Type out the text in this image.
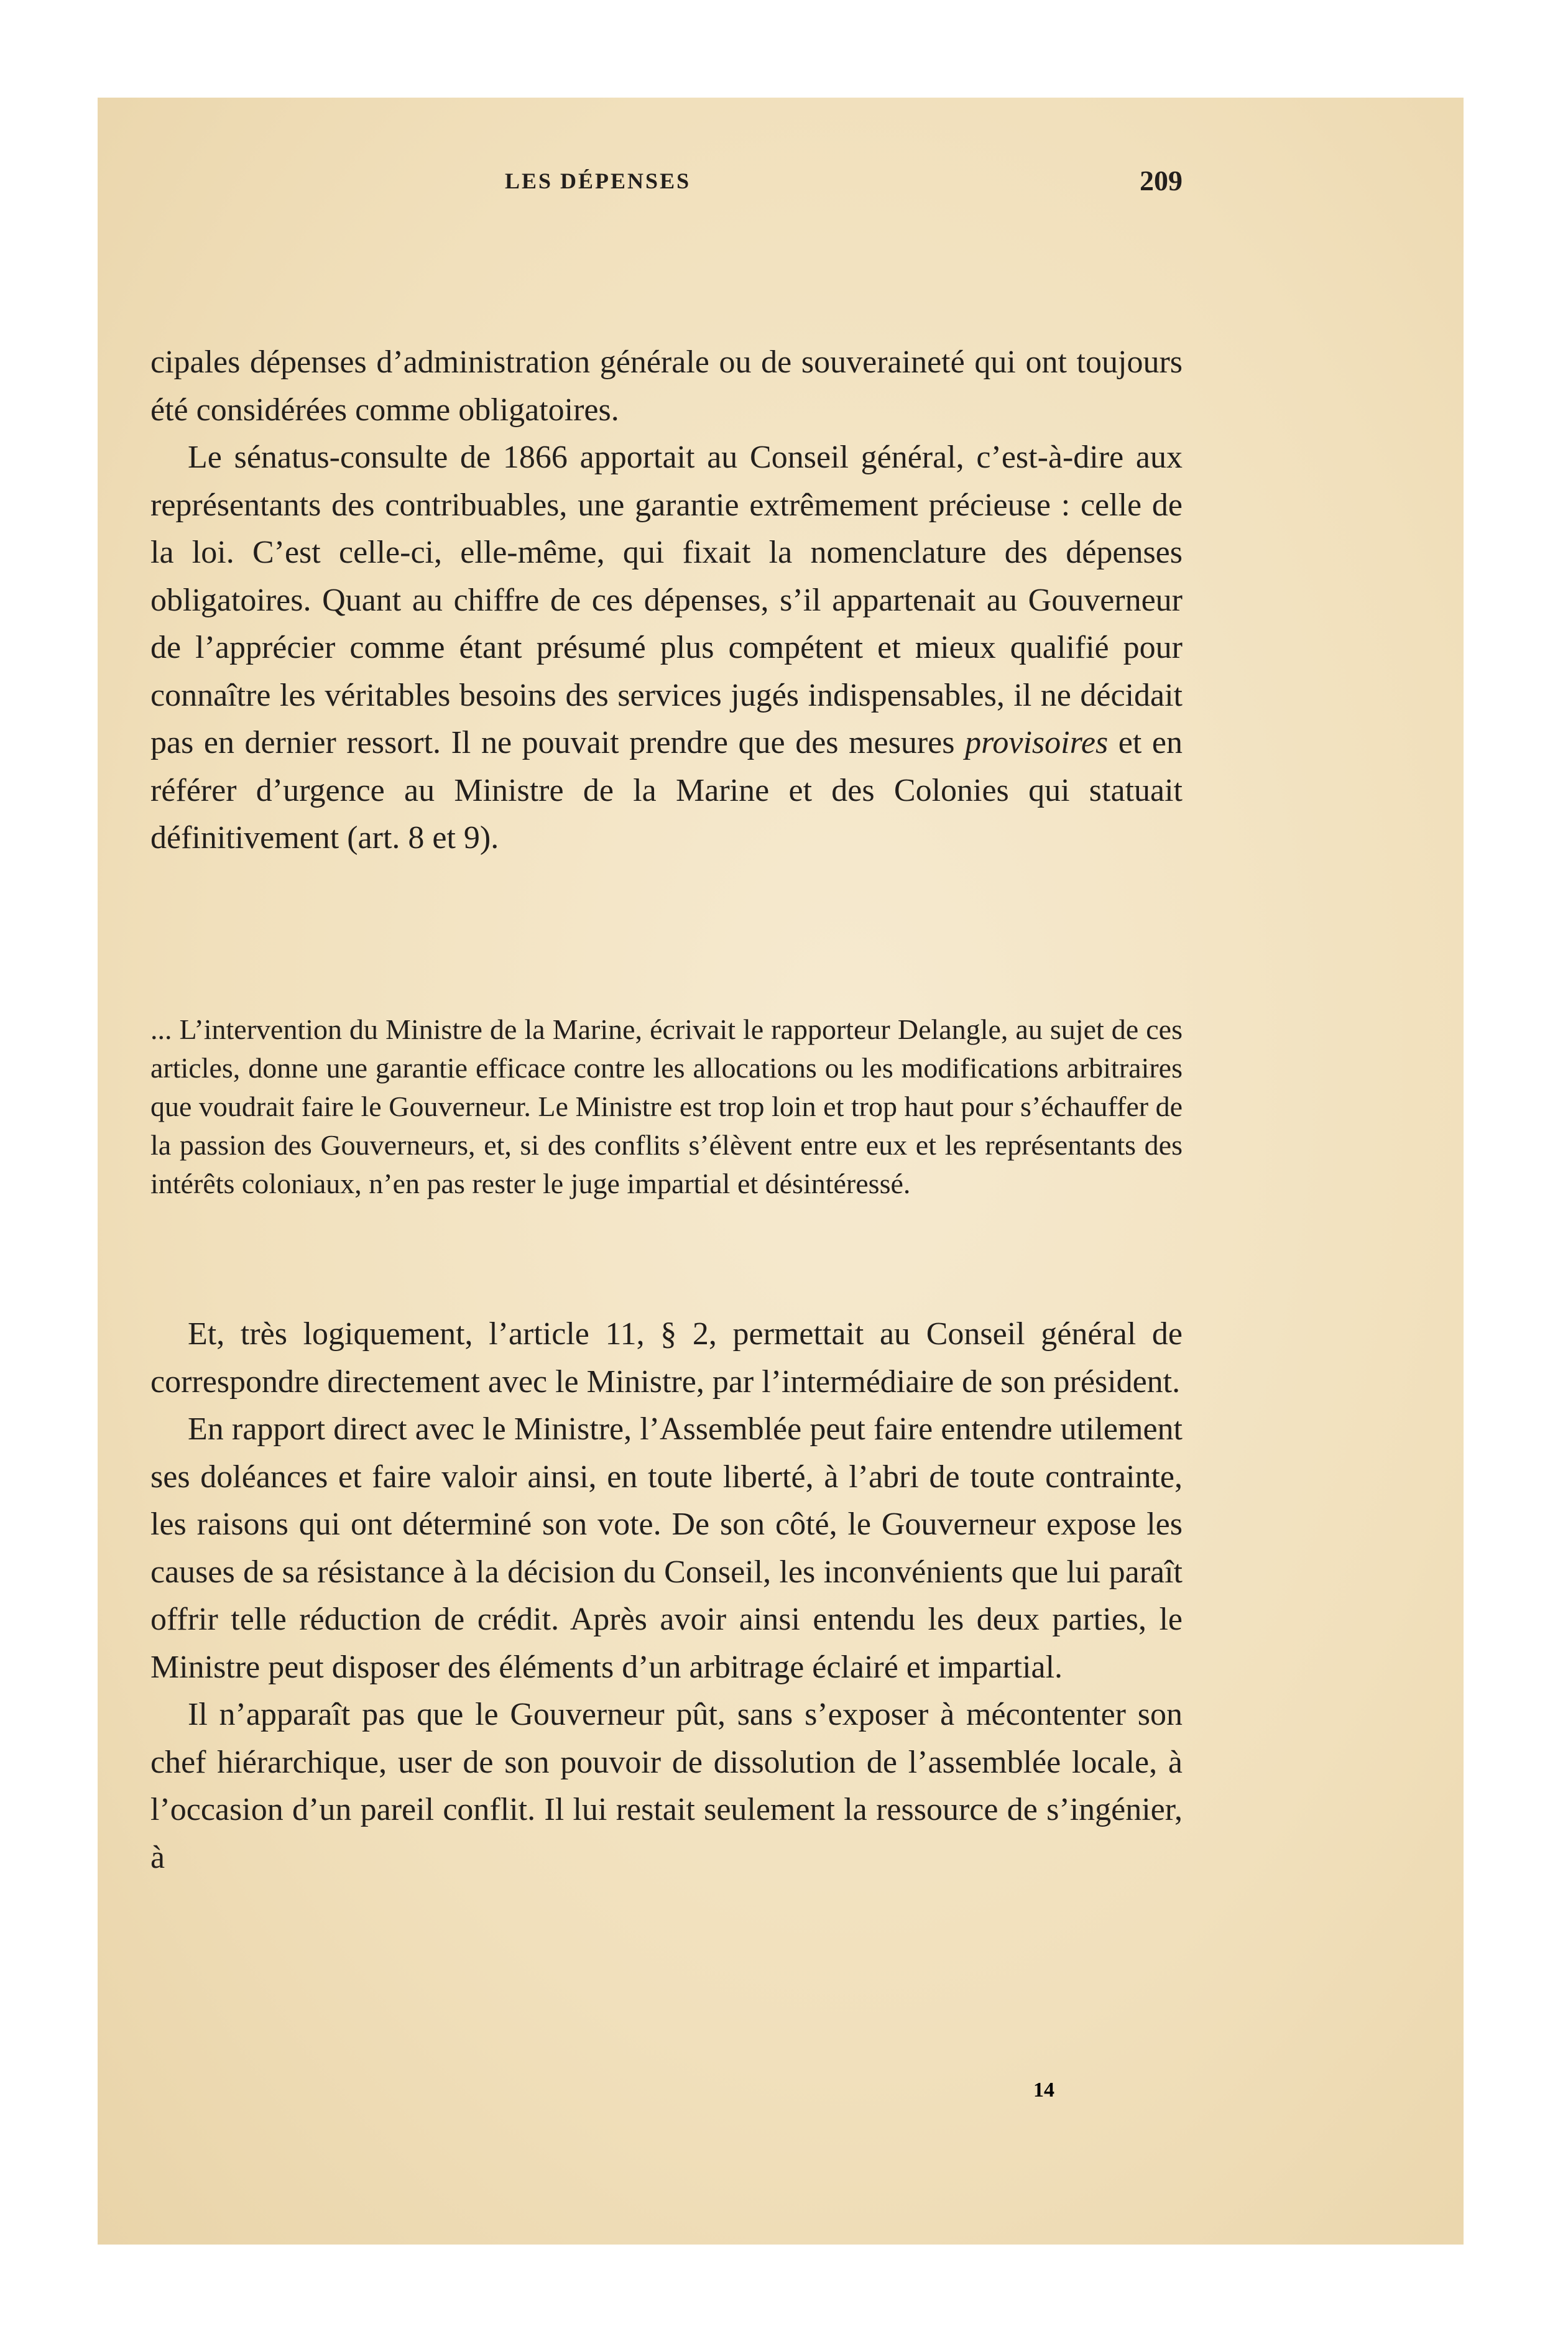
LES DÉPENSES	209

cipales dépenses d’administration générale ou de souveraineté qui ont toujours été considérées comme obligatoires.

Le sénatus-consulte de 1866 apportait au Conseil général, c’est-à-dire aux représentants des contribuables, une garantie extrêmement précieuse : celle de la loi. C’est celle-ci, elle-même, qui fixait la nomenclature des dépenses obligatoires. Quant au chiffre de ces dépenses, s’il appartenait au Gouverneur de l’apprécier comme étant présumé plus compétent et mieux qualifié pour connaître les véritables besoins des services jugés indispensables, il ne décidait pas en dernier ressort. Il ne pouvait prendre que des mesures provisoires et en référer d’urgence au Ministre de la Marine et des Colonies qui statuait définitivement (art. 8 et 9).

... L’intervention du Ministre de la Marine, écrivait le rapporteur Delangle, au sujet de ces articles, donne une garantie efficace contre les allocations ou les modifications arbitraires que voudrait faire le Gouverneur. Le Ministre est trop loin et trop haut pour s’échauffer de la passion des Gouverneurs, et, si des conflits s’élèvent entre eux et les représentants des intérêts coloniaux, n’en pas rester le juge impartial et désintéressé.

Et, très logiquement, l’article 11, § 2, permettait au Conseil général de correspondre directement avec le Ministre, par l’intermédiaire de son président.

En rapport direct avec le Ministre, l’Assemblée peut faire entendre utilement ses doléances et faire valoir ainsi, en toute liberté, à l’abri de toute contrainte, les raisons qui ont déterminé son vote. De son côté, le Gouverneur expose les causes de sa résistance à la décision du Conseil, les inconvénients que lui paraît offrir telle réduction de crédit. Après avoir ainsi entendu les deux parties, le Ministre peut disposer des éléments d’un arbitrage éclairé et impartial.

Il n’apparaît pas que le Gouverneur pût, sans s’exposer à mécontenter son chef hiérarchique, user de son pouvoir de dissolution de l’assemblée locale, à l’occasion d’un pareil conflit. Il lui restait seulement la ressource de s’ingénier, à

14
